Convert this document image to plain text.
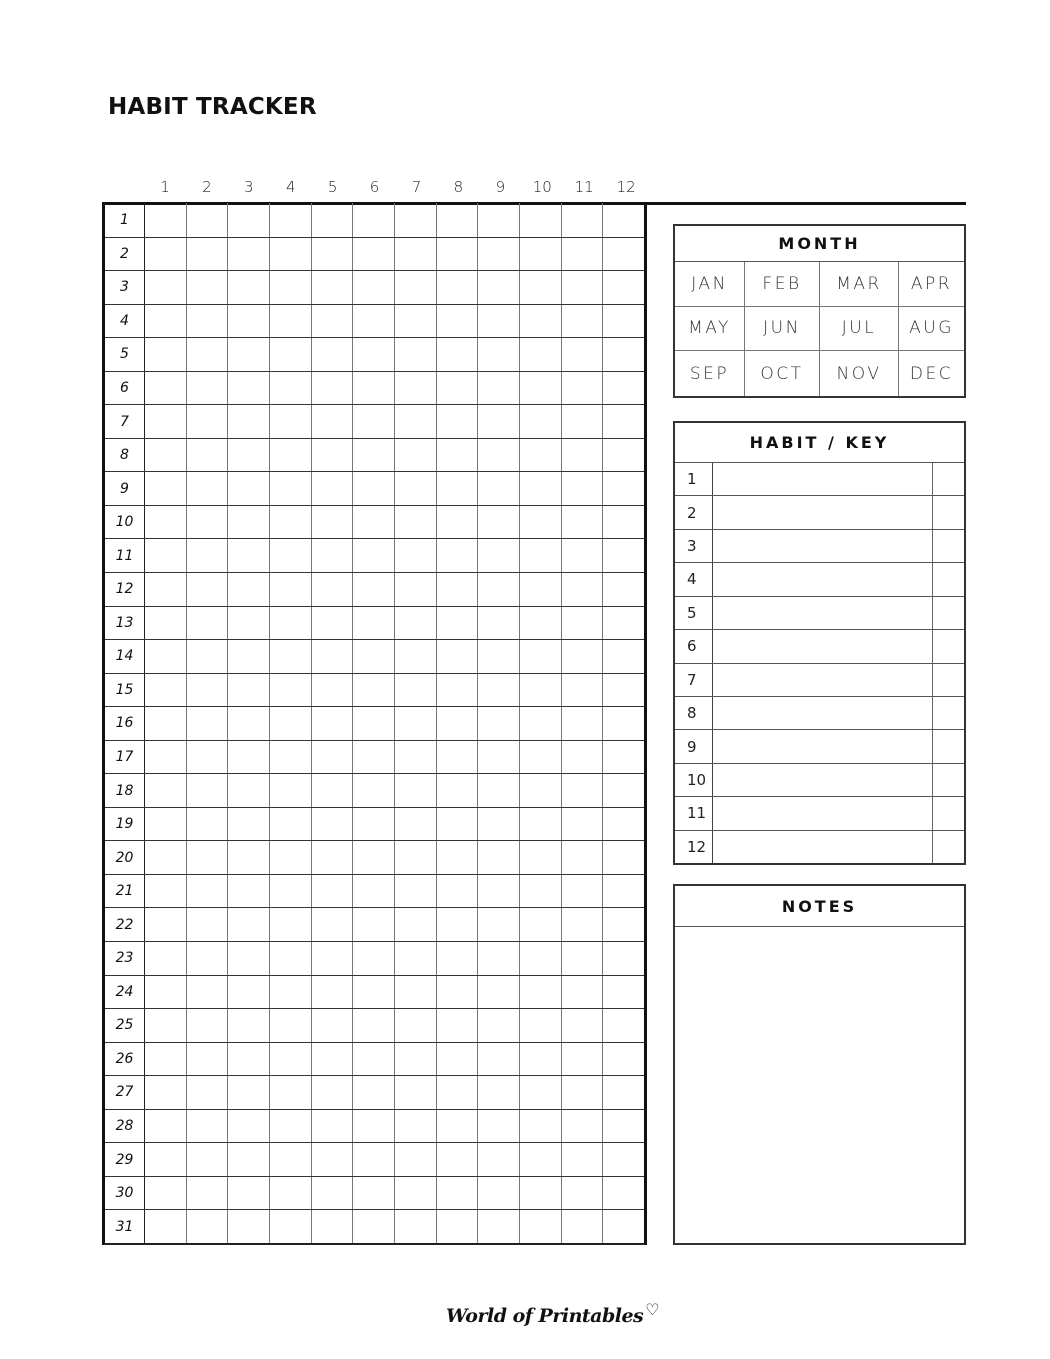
HABIT TRACKER
1	2	3	4	5	6	7	8	9	10	11	12
1
2
3
4
5
6
7
8
9
10
11
12
13
14
15
16
17
18
19
20
21
22
23
24
25
26
27
28
29
30
31
MONTH
JAN	FEB	MAR	APR
MAY	JUN	JUL	AUG
SEP	OCT	NOV	DEC
HABIT / KEY
1
2
3
4
5
6
7
8
9
10
11
12
NOTES
World of Printables ♡
